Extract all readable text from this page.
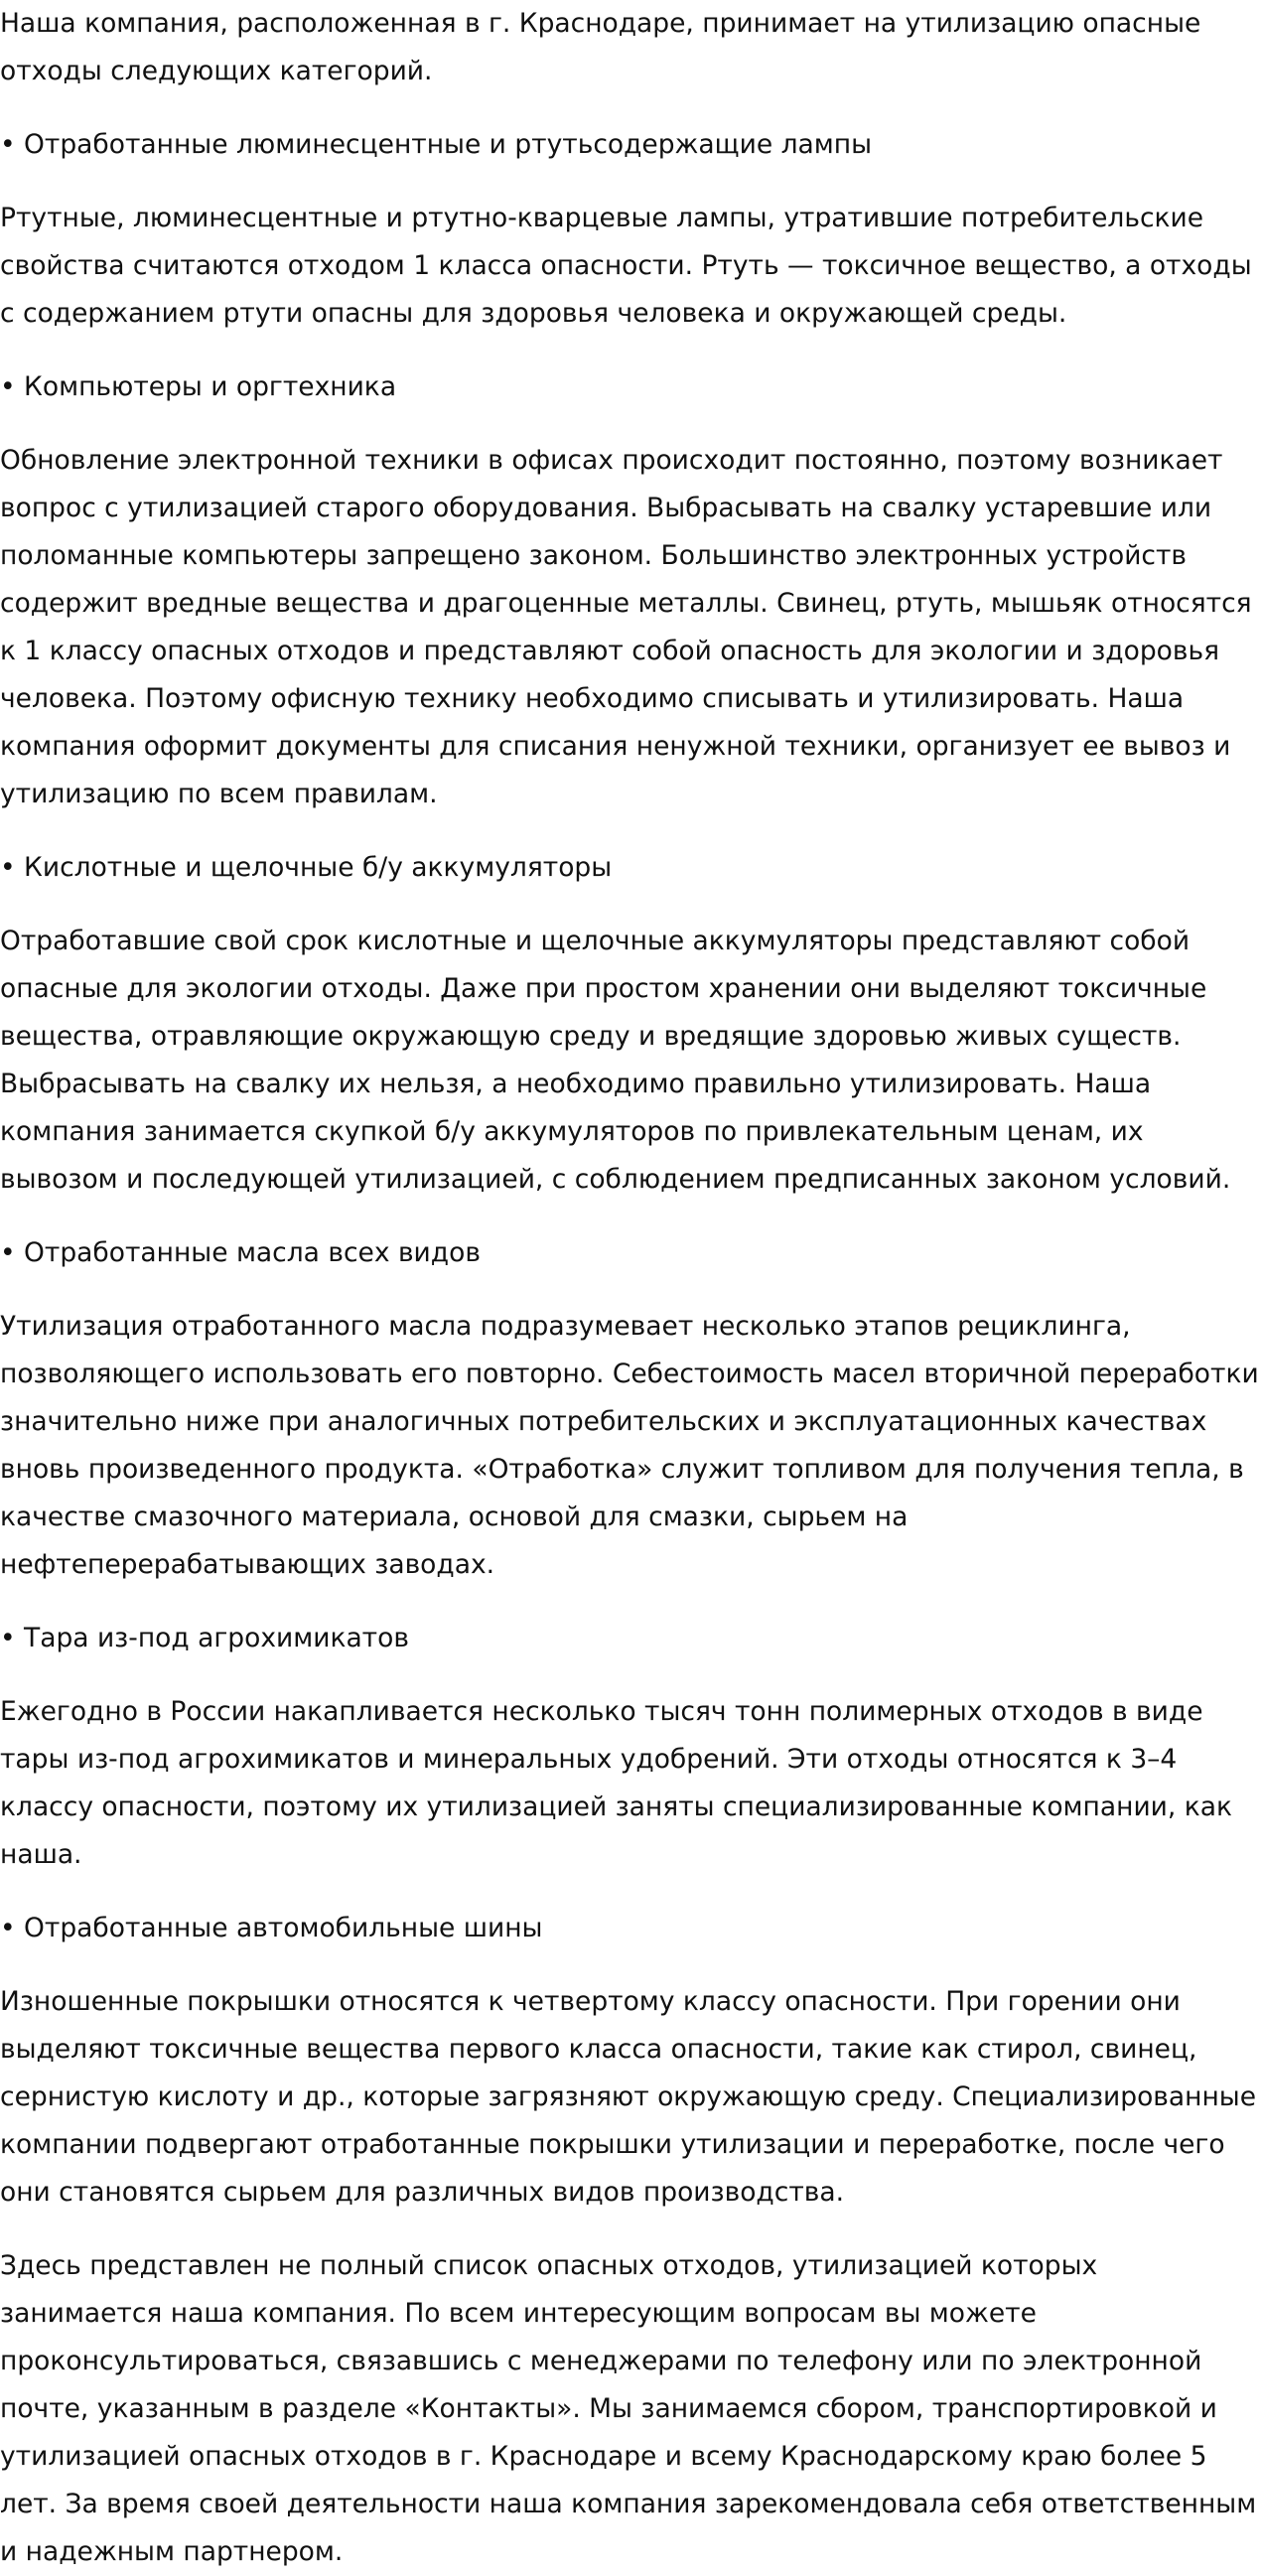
Наша компания, расположенная в г. Краснодаре, принимает на утилизацию опасные отходы следующих категорий.

• Отработанные люминесцентные и ртутьсодержащие лампы

Ртутные, люминесцентные и ртутно-кварцевые лампы, утратившие потребительские свойства считаются отходом 1 класса опасности. Ртуть — токсичное вещество, а отходы с содержанием ртути опасны для здоровья человека и окружающей среды.

• Компьютеры и оргтехника

Обновление электронной техники в офисах происходит постоянно, поэтому возникает вопрос с утилизацией старого оборудования. Выбрасывать на свалку устаревшие или поломанные компьютеры запрещено законом. Большинство электронных устройств содержит вредные вещества и драгоценные металлы. Свинец, ртуть, мышьяк относятся к 1 классу опасных отходов и представляют собой опасность для экологии и здоровья человека. Поэтому офисную технику необходимо списывать и утилизировать. Наша компания оформит документы для списания ненужной техники, организует ее вывоз и утилизацию по всем правилам.

• Кислотные и щелочные б/у аккумуляторы

Отработавшие свой срок кислотные и щелочные аккумуляторы представляют собой опасные для экологии отходы. Даже при простом хранении они выделяют токсичные вещества, отравляющие окружающую среду и вредящие здоровью живых существ. Выбрасывать на свалку их нельзя, а необходимо правильно утилизировать. Наша компания занимается скупкой б/у аккумуляторов по привлекательным ценам, их вывозом и последующей утилизацией, с соблюдением предписанных законом условий.

• Отработанные масла всех видов

Утилизация отработанного масла подразумевает несколько этапов рециклинга, позволяющего использовать его повторно. Себестоимость масел вторичной переработки значительно ниже при аналогичных потребительских и эксплуатационных качествах вновь произведенного продукта. «Отработка» служит топливом для получения тепла, в качестве смазочного материала, основой для смазки, сырьем на нефтеперерабатывающих заводах.

• Тара из-под агрохимикатов

Ежегодно в России накапливается несколько тысяч тонн полимерных отходов в виде тары из-под агрохимикатов и минеральных удобрений. Эти отходы относятся к 3–4 классу опасности, поэтому их утилизацией заняты специализированные компании, как наша.

• Отработанные автомобильные шины

Изношенные покрышки относятся к четвертому классу опасности. При горении они выделяют токсичные вещества первого класса опасности, такие как стирол, свинец, сернистую кислоту и др., которые загрязняют окружающую среду. Специализированные компании подвергают отработанные покрышки утилизации и переработке, после чего они становятся сырьем для различных видов производства.

Здесь представлен не полный список опасных отходов, утилизацией которых занимается наша компания. По всем интересующим вопросам вы можете проконсультироваться, связавшись с менеджерами по телефону или по электронной почте, указанным в разделе «Контакты». Мы занимаемся сбором, транспортировкой и утилизацией опасных отходов в г. Краснодаре и всему Краснодарскому краю более 5 лет. За время своей деятельности наша компания зарекомендовала себя ответственным и надежным партнером.
